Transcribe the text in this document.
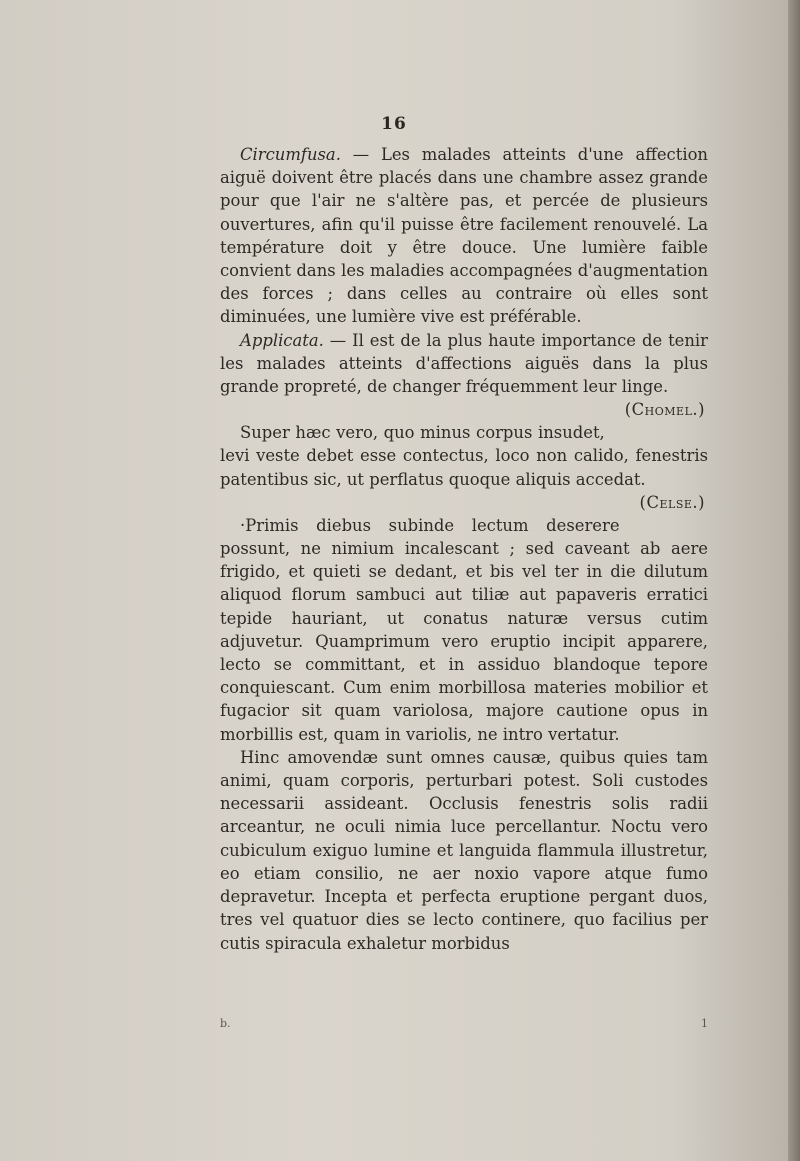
16

Circumfusa. — Les malades atteints d'une affection aiguë doivent être placés dans une chambre assez grande pour que l'air ne s'altère pas, et percée de plusieurs ouvertures, afin qu'il puisse être facilement renouvelé. La température doit y être douce. Une lumière faible convient dans les maladies accompagnées d'augmentation des forces ; dans celles au contraire où elles sont diminuées, une lumière vive est préférable.

Applicata. — Il est de la plus haute importance de tenir les malades atteints d'affections aiguës dans la plus grande propreté, de changer fréquemment leur linge.
(Chomel.)

Super hæc vero, quo minus corpus insudet, levi veste debet esse contectus, loco non calido, fenestris patentibus sic, ut perflatus quoque aliquis accedat.
(Celse.)

·Primis diebus subinde lectum deserere possunt, ne nimium incalescant ; sed caveant ab aere frigido, et quieti se dedant, et bis vel ter in die dilutum aliquod florum sambuci aut tiliæ aut papaveris erratici tepide hauriant, ut conatus naturæ versus cutim adjuvetur. Quamprimum vero eruptio incipit apparere, lecto se committant, et in assiduo blandoque tepore conquiescant. Cum enim morbillosa materies mobilior et fugacior sit quam variolosa, majore cautione opus in morbillis est, quam in variolis, ne intro vertatur.

Hinc amovendæ sunt omnes causæ, quibus quies tam animi, quam corporis, perturbari potest. Soli custodes necessarii assideant. Occlusis fenestris solis radii arceantur, ne oculi nimia luce percellantur. Noctu vero cubiculum exiguo lumine et languida flammula illustretur, eo etiam consilio, ne aer noxio vapore atque fumo depravetur. Incepta et perfecta eruptione pergant duos, tres vel quatuor dies se lecto continere, quo facilius per cutis spiracula exhaletur morbidus

b.	1
